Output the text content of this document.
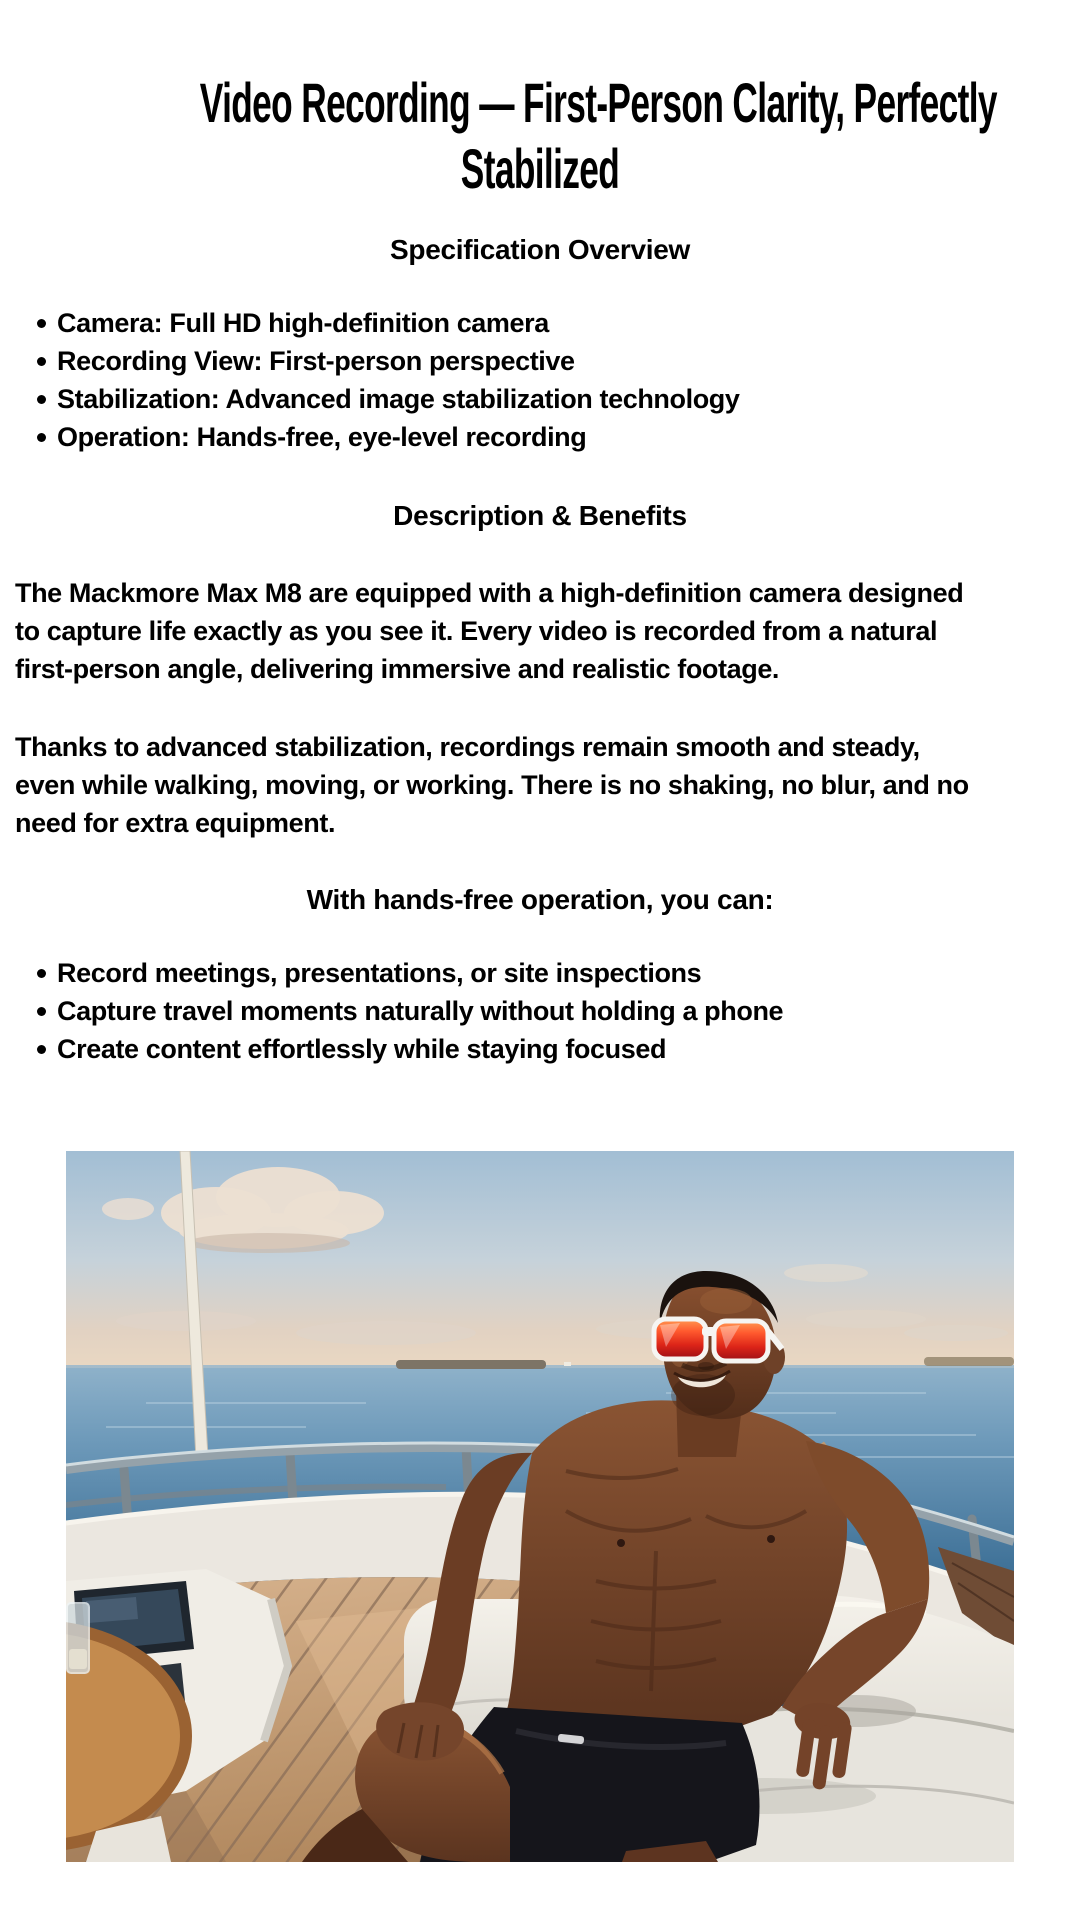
Video Recording — First-Person Clarity, Perfectly
Stabilized
Specification Overview
Camera: Full HD high-definition camera
Recording View: First-person perspective
Stabilization: Advanced image stabilization technology
Operation: Hands-free, eye-level recording
Description & Benefits
The Mackmore Max M8 are equipped with a high-definition camera designed
to capture life exactly as you see it. Every video is recorded from a natural
first-person angle, delivering immersive and realistic footage.
Thanks to advanced stabilization, recordings remain smooth and steady,
even while walking, moving, or working. There is no shaking, no blur, and no
need for extra equipment.
With hands-free operation, you can:
Record meetings, presentations, or site inspections
Capture travel moments naturally without holding a phone
Create content effortlessly while staying focused
